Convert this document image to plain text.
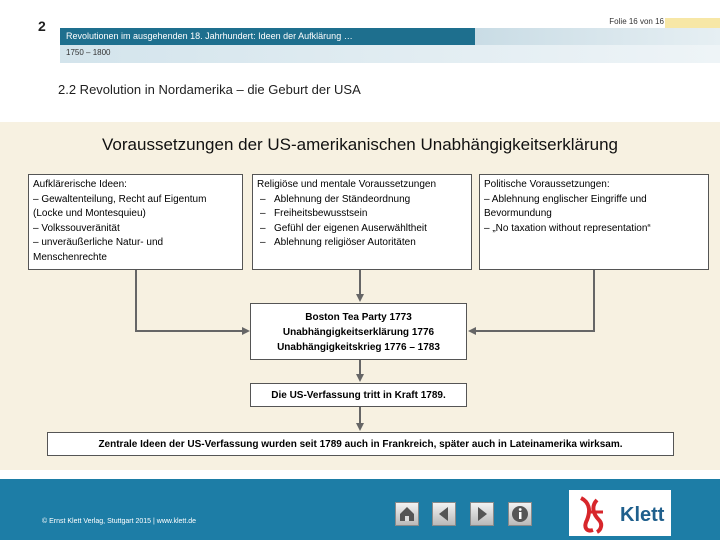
2	Folie 16 von 16
Revolutionen im ausgehenden 18. Jahrhundert: Ideen der Aufklärung …
1750 – 1800
2.2 Revolution in Nordamerika – die Geburt der USA
Voraussetzungen der US-amerikanischen Unabhängigkeitserklärung
Aufklärerische Ideen:
– Gewaltenteilung, Recht auf Eigentum (Locke und Montesquieu)
– Volkssouveränität
– unveräußerliche Natur- und Menschenrechte
Religiöse und mentale Voraussetzungen
– Ablehnung der Ständeordnung
– Freiheitsbewusstsein
– Gefühl der eigenen Auserwähltheit
– Ablehnung religiöser Autoritäten
Politische Voraussetzungen:
– Ablehnung englischer Eingriffe und Bevormundung
– „No taxation without representation“
Boston Tea Party 1773
Unabhängigkeitserklärung 1776
Unabhängigkeitskrieg 1776 – 1783
Die US-Verfassung tritt in Kraft 1789.
Zentrale Ideen der US-Verfassung wurden seit 1789 auch in Frankreich, später auch in Lateinamerika wirksam.
© Ernst Klett Verlag, Stuttgart 2015 | www.klett.de	Klett
